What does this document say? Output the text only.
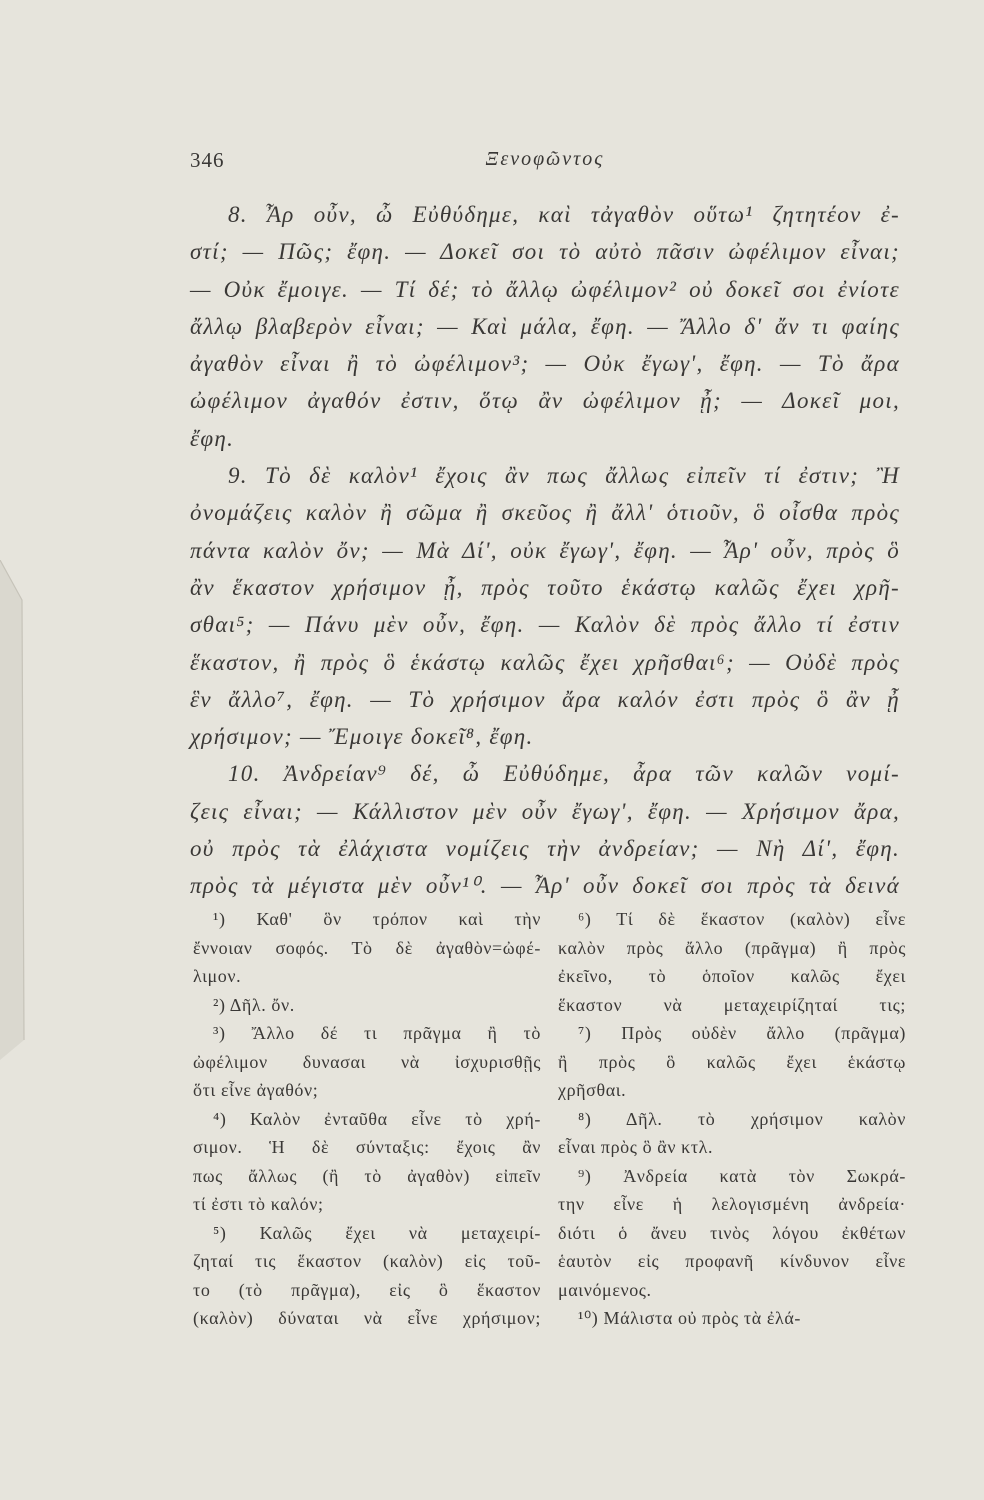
346	Ξενοφῶντος
8. Ἆρ οὖν, ὦ Εὐθύδημε, καὶ τἀγαθὸν οὕτω¹ ζητητέον ἐ-
στί; — Πῶς; ἔφη. — Δοκεῖ σοι τὸ αὐτὸ πᾶσιν ὠφέλιμον εἶναι;
— Οὐκ ἔμοιγε. — Τί δέ; τὸ ἄλλῳ ὠφέλιμον² οὐ δοκεῖ σοι ἐνίοτε
ἄλλῳ βλαβερὸν εἶναι; — Καὶ μάλα, ἔφη. — Ἄλλο δ' ἄν τι φαίης
ἀγαθὸν εἶναι ἢ τὸ ὠφέλιμον³; — Οὐκ ἔγωγ', ἔφη. — Τὸ ἄρα
ὠφέλιμον ἀγαθόν ἐστιν, ὅτῳ ἂν ὠφέλιμον ᾖ; — Δοκεῖ μοι,
ἔφη.
9. Τὸ δὲ καλὸν¹ ἔχοις ἂν πως ἄλλως εἰπεῖν τί ἐστιν; Ἢ
ὀνομάζεις καλὸν ἢ σῶμα ἢ σκεῦος ἢ ἄλλ' ὁτιοῦν, ὃ οἶσθα πρὸς
πάντα καλὸν ὄν; — Μὰ Δί', οὐκ ἔγωγ', ἔφη. — Ἆρ' οὖν, πρὸς ὃ
ἂν ἕκαστον χρήσιμον ᾖ, πρὸς τοῦτο ἑκάστῳ καλῶς ἔχει χρῆ-
σθαι⁵; — Πάνυ μὲν οὖν, ἔφη. — Καλὸν δὲ πρὸς ἄλλο τί ἐστιν
ἕκαστον, ἢ πρὸς ὃ ἑκάστῳ καλῶς ἔχει χρῆσθαι⁶; — Οὐδὲ πρὸς
ἓν ἄλλο⁷, ἔφη. — Τὸ χρήσιμον ἄρα καλόν ἐστι πρὸς ὃ ἂν ᾖ
χρήσιμον; — Ἔμοιγε δοκεῖ⁸, ἔφη.
10. Ἀνδρείαν⁹ δέ, ὦ Εὐθύδημε, ἆρα τῶν καλῶν νομί-
ζεις εἶναι; — Κάλλιστον μὲν οὖν ἔγωγ', ἔφη. — Χρήσιμον ἄρα,
οὐ πρὸς τὰ ἐλάχιστα νομίζεις τὴν ἀνδρείαν; — Νὴ Δί', ἔφη.
πρὸς τὰ μέγιστα μὲν οὖν¹⁰. — Ἆρ' οὖν δοκεῖ σοι πρὸς τὰ δεινά
¹) Καθ' ὃν τρόπον καὶ τὴν
ἔννοιαν σοφός. Τὸ δὲ ἀγαθὸν=ὠφέ-
λιμον.
²) Δῆλ. ὄν.
³) Ἄλλο δέ τι πρᾶγμα ἢ τὸ
ὠφέλιμον δυνασαι νὰ ἰσχυρισθῇς
ὅτι εἶνε ἀγαθόν;
⁴) Καλὸν ἐνταῦθα εἶνε τὸ χρή-
σιμον. Ἡ δὲ σύνταξις: ἔχοις ἂν
πως ἄλλως (ἢ τὸ ἀγαθὸν) εἰπεῖν
τί ἐστι τὸ καλόν;
⁵) Καλῶς ἔχει νὰ μεταχειρί-
ζηταί τις ἕκαστον (καλὸν) εἰς τοῦ-
το (τὸ πρᾶγμα), εἰς ὃ ἕκαστον
(καλὸν) δύναται νὰ εἶνε χρήσιμον;
⁶) Τί δὲ ἕκαστον (καλὸν) εἶνε
καλὸν πρὸς ἄλλο (πρᾶγμα) ἢ πρὸς
ἐκεῖνο, τὸ ὁποῖον καλῶς ἔχει
ἕκαστον νὰ μεταχειρίζηταί τις;
⁷) Πρὸς οὐδὲν ἄλλο (πρᾶγμα)
ἢ πρὸς ὃ καλῶς ἔχει ἑκάστῳ
χρῆσθαι.
⁸) Δῆλ. τὸ χρήσιμον καλὸν
εἶναι πρὸς ὃ ἂν κτλ.
⁹) Ἀνδρεία κατὰ τὸν Σωκρά-
την εἶνε ἡ λελογισμένη ἀνδρεία·
διότι ὁ ἄνευ τινὸς λόγου ἐκθέτων
ἑαυτὸν εἰς προφανῆ κίνδυνον εἶνε
μαινόμενος.
¹⁰) Μάλιστα οὐ πρὸς τὰ ἐλά-
